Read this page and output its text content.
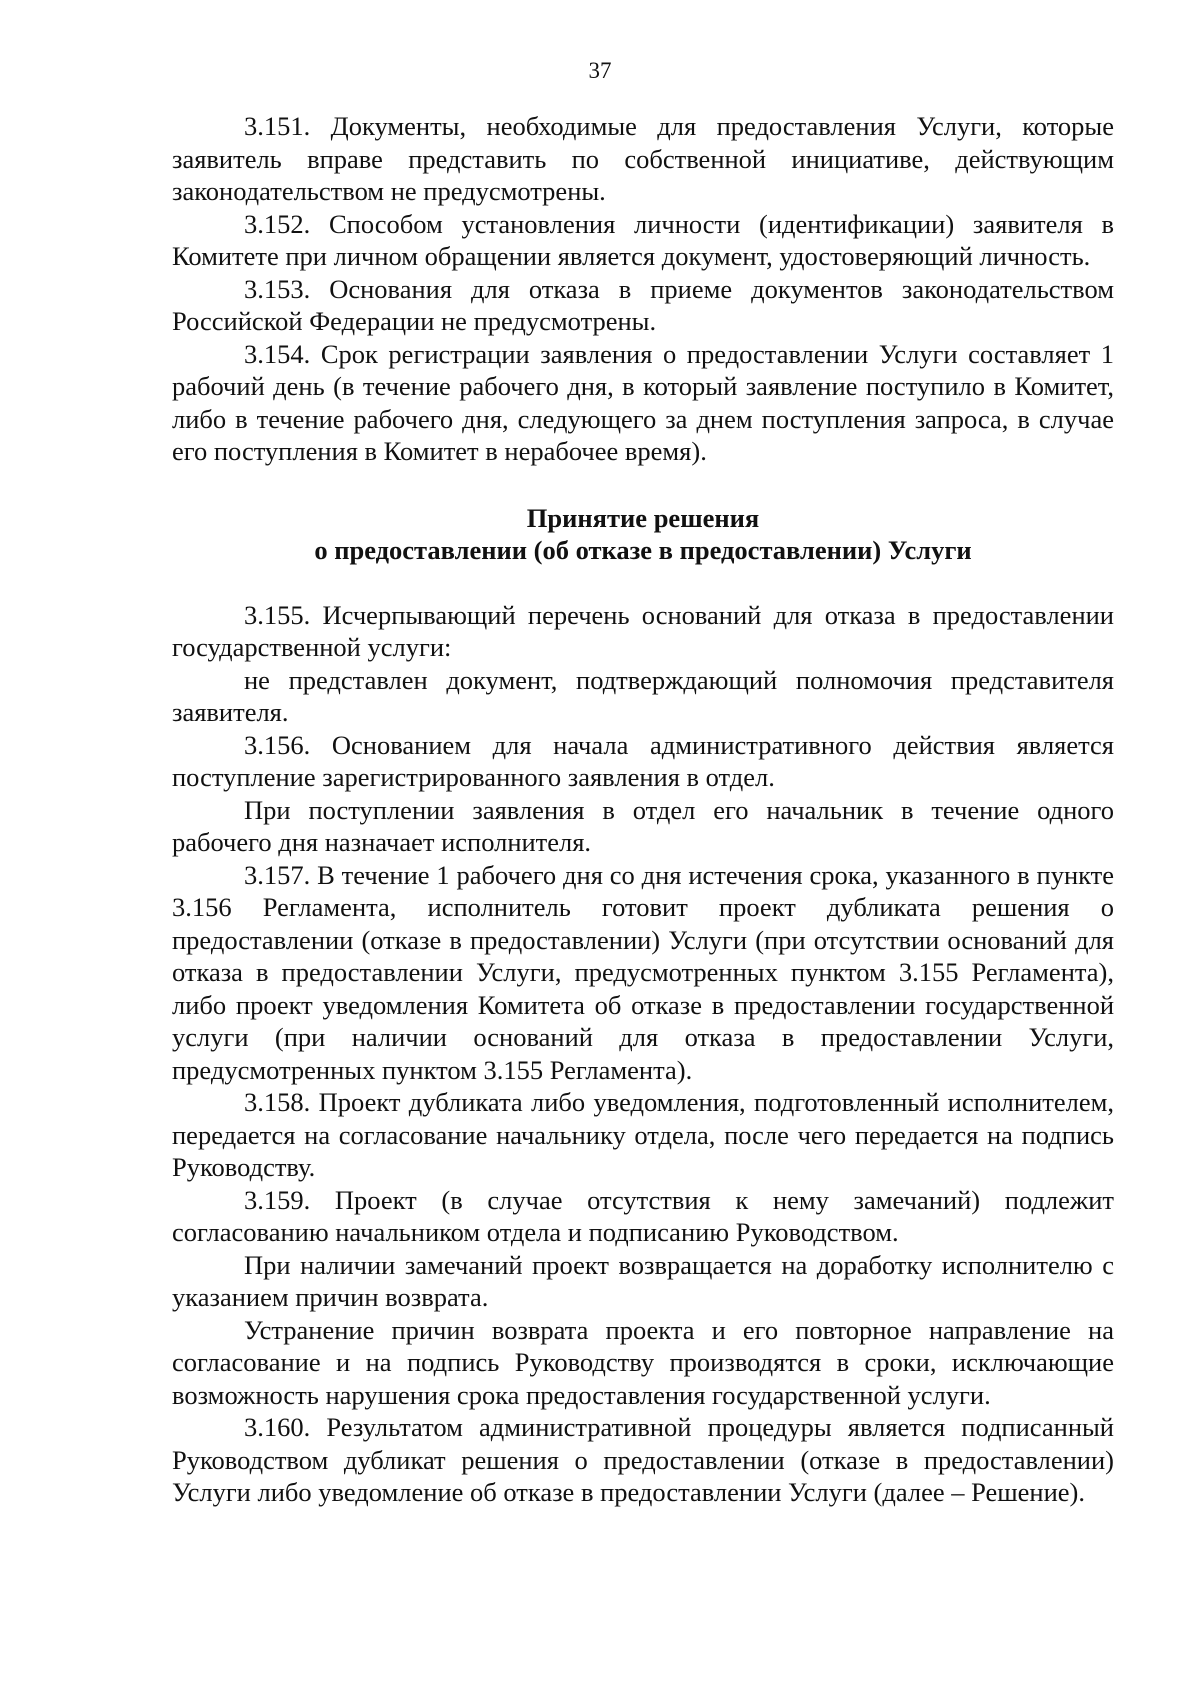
37

3.151. Документы, необходимые для предоставления Услуги, которые заявитель вправе представить по собственной инициативе, действующим законодательством не предусмотрены.

3.152. Способом установления личности (идентификации) заявителя в Комитете при личном обращении является документ, удостоверяющий личность.

3.153. Основания для отказа в приеме документов законодательством Российской Федерации не предусмотрены.

3.154. Срок регистрации заявления о предоставлении Услуги составляет 1 рабочий день (в течение рабочего дня, в который заявление поступило в Комитет, либо в течение рабочего дня, следующего за днем поступления запроса, в случае его поступления в Комитет в нерабочее время).

Принятие решения
о предоставлении (об отказе в предоставлении) Услуги

3.155. Исчерпывающий перечень оснований для отказа в предоставлении государственной услуги:

не представлен документ, подтверждающий полномочия представителя заявителя.

3.156. Основанием для начала административного действия является поступление зарегистрированного заявления в отдел.

При поступлении заявления в отдел его начальник в течение одного рабочего дня назначает исполнителя.

3.157. В течение 1 рабочего дня со дня истечения срока, указанного в пункте 3.156 Регламента, исполнитель готовит проект дубликата решения о предоставлении (отказе в предоставлении) Услуги (при отсутствии оснований для отказа в предоставлении Услуги, предусмотренных пунктом 3.155 Регламента), либо проект уведомления Комитета об отказе в предоставлении государственной услуги (при наличии оснований для отказа в предоставлении Услуги, предусмотренных пунктом 3.155 Регламента).

3.158. Проект дубликата либо уведомления, подготовленный исполнителем, передается на согласование начальнику отдела, после чего передается на подпись Руководству.

3.159. Проект (в случае отсутствия к нему замечаний) подлежит согласованию начальником отдела и подписанию Руководством.

При наличии замечаний проект возвращается на доработку исполнителю с указанием причин возврата.

Устранение причин возврата проекта и его повторное направление на согласование и на подпись Руководству производятся в сроки, исключающие возможность нарушения срока предоставления государственной услуги.

3.160. Результатом административной процедуры является подписанный Руководством дубликат решения о предоставлении (отказе в предоставлении) Услуги либо уведомление об отказе в предоставлении Услуги (далее – Решение).
